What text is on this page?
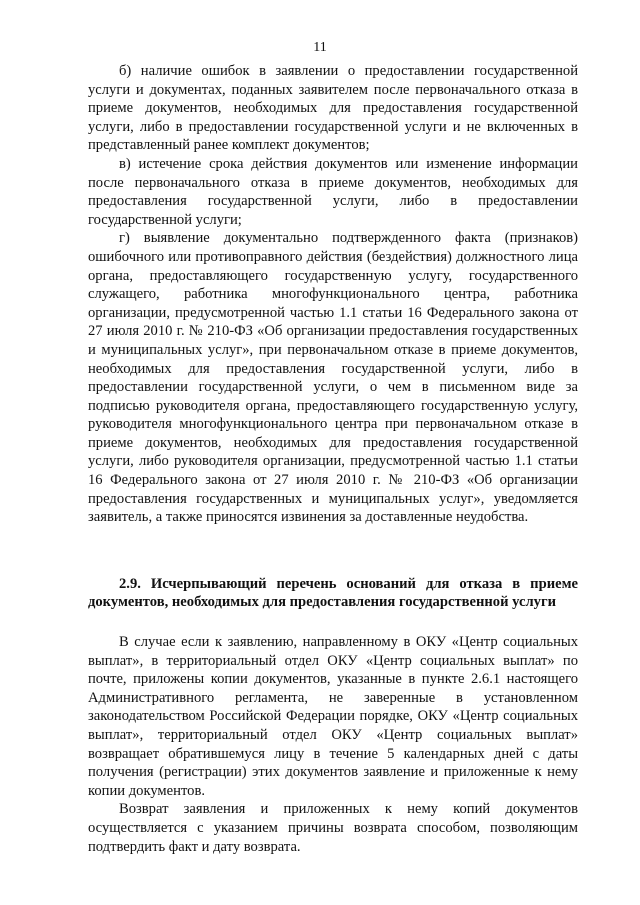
11

б) наличие ошибок в заявлении о предоставлении государственной услуги и документах, поданных заявителем после первоначального отказа в приеме документов, необходимых для предоставления государственной услуги, либо в предоставлении государственной услуги и не включенных в представленный ранее комплект документов;

в) истечение срока действия документов или изменение информации после первоначального отказа в приеме документов, необходимых для предоставления государственной услуги, либо в предоставлении государственной услуги;

г) выявление документально подтвержденного факта (признаков) ошибочного или противоправного действия (бездействия) должностного лица органа, предоставляющего государственную услугу, государственного служащего, работника многофункционального центра, работника организации, предусмотренной частью 1.1 статьи 16 Федерального закона от 27 июля 2010 г. № 210-ФЗ «Об организации предоставления государственных и муниципальных услуг», при первоначальном отказе в приеме документов, необходимых для предоставления государственной услуги, либо в предоставлении государственной услуги, о чем в письменном виде за подписью руководителя органа, предоставляющего государственную услугу, руководителя многофункционального центра при первоначальном отказе в приеме документов, необходимых для предоставления государственной услуги, либо руководителя организации, предусмотренной частью 1.1 статьи 16 Федерального закона от 27 июля 2010 г. № 210-ФЗ «Об организации предоставления государственных и муниципальных услуг», уведомляется заявитель, а также приносятся извинения за доставленные неудобства.

2.9. Исчерпывающий перечень оснований для отказа в приеме документов, необходимых для предоставления государственной услуги

В случае если к заявлению, направленному в ОКУ «Центр социальных выплат», в территориальный отдел ОКУ «Центр социальных выплат» по почте, приложены копии документов, указанные в пункте 2.6.1 настоящего Административного регламента, не заверенные в установленном законодательством Российской Федерации порядке, ОКУ «Центр социальных выплат», территориальный отдел ОКУ «Центр социальных выплат» возвращает обратившемуся лицу в течение 5 календарных дней с даты получения (регистрации) этих документов заявление и приложенные к нему копии документов.

Возврат заявления и приложенных к нему копий документов осуществляется с указанием причины возврата способом, позволяющим подтвердить факт и дату возврата.
